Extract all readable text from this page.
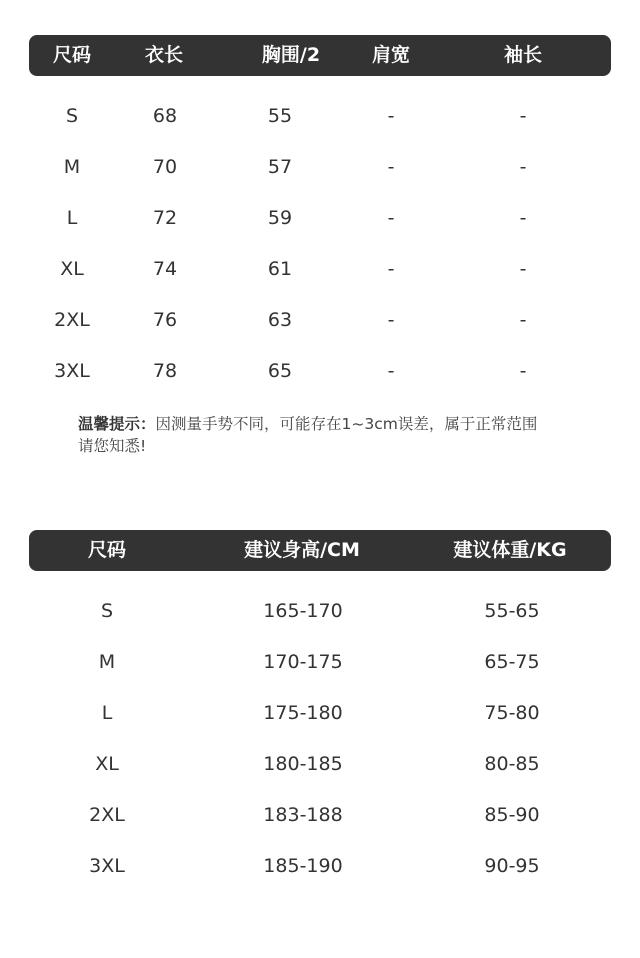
尺码	衣长	胸围/2	肩宽	袖长
S	68	55	-	-
M	70	57	-	-
L	72	59	-	-
XL	74	61	-	-
2XL	76	63	-	-
3XL	78	65	-	-
温馨提示：因测量手势不同，可能存在1~3cm误差，属于正常范围
请您知悉!
尺码	建议身高/CM	建议体重/KG
S	165-170	55-65
M	170-175	65-75
L	175-180	75-80
XL	180-185	80-85
2XL	183-188	85-90
3XL	185-190	90-95
